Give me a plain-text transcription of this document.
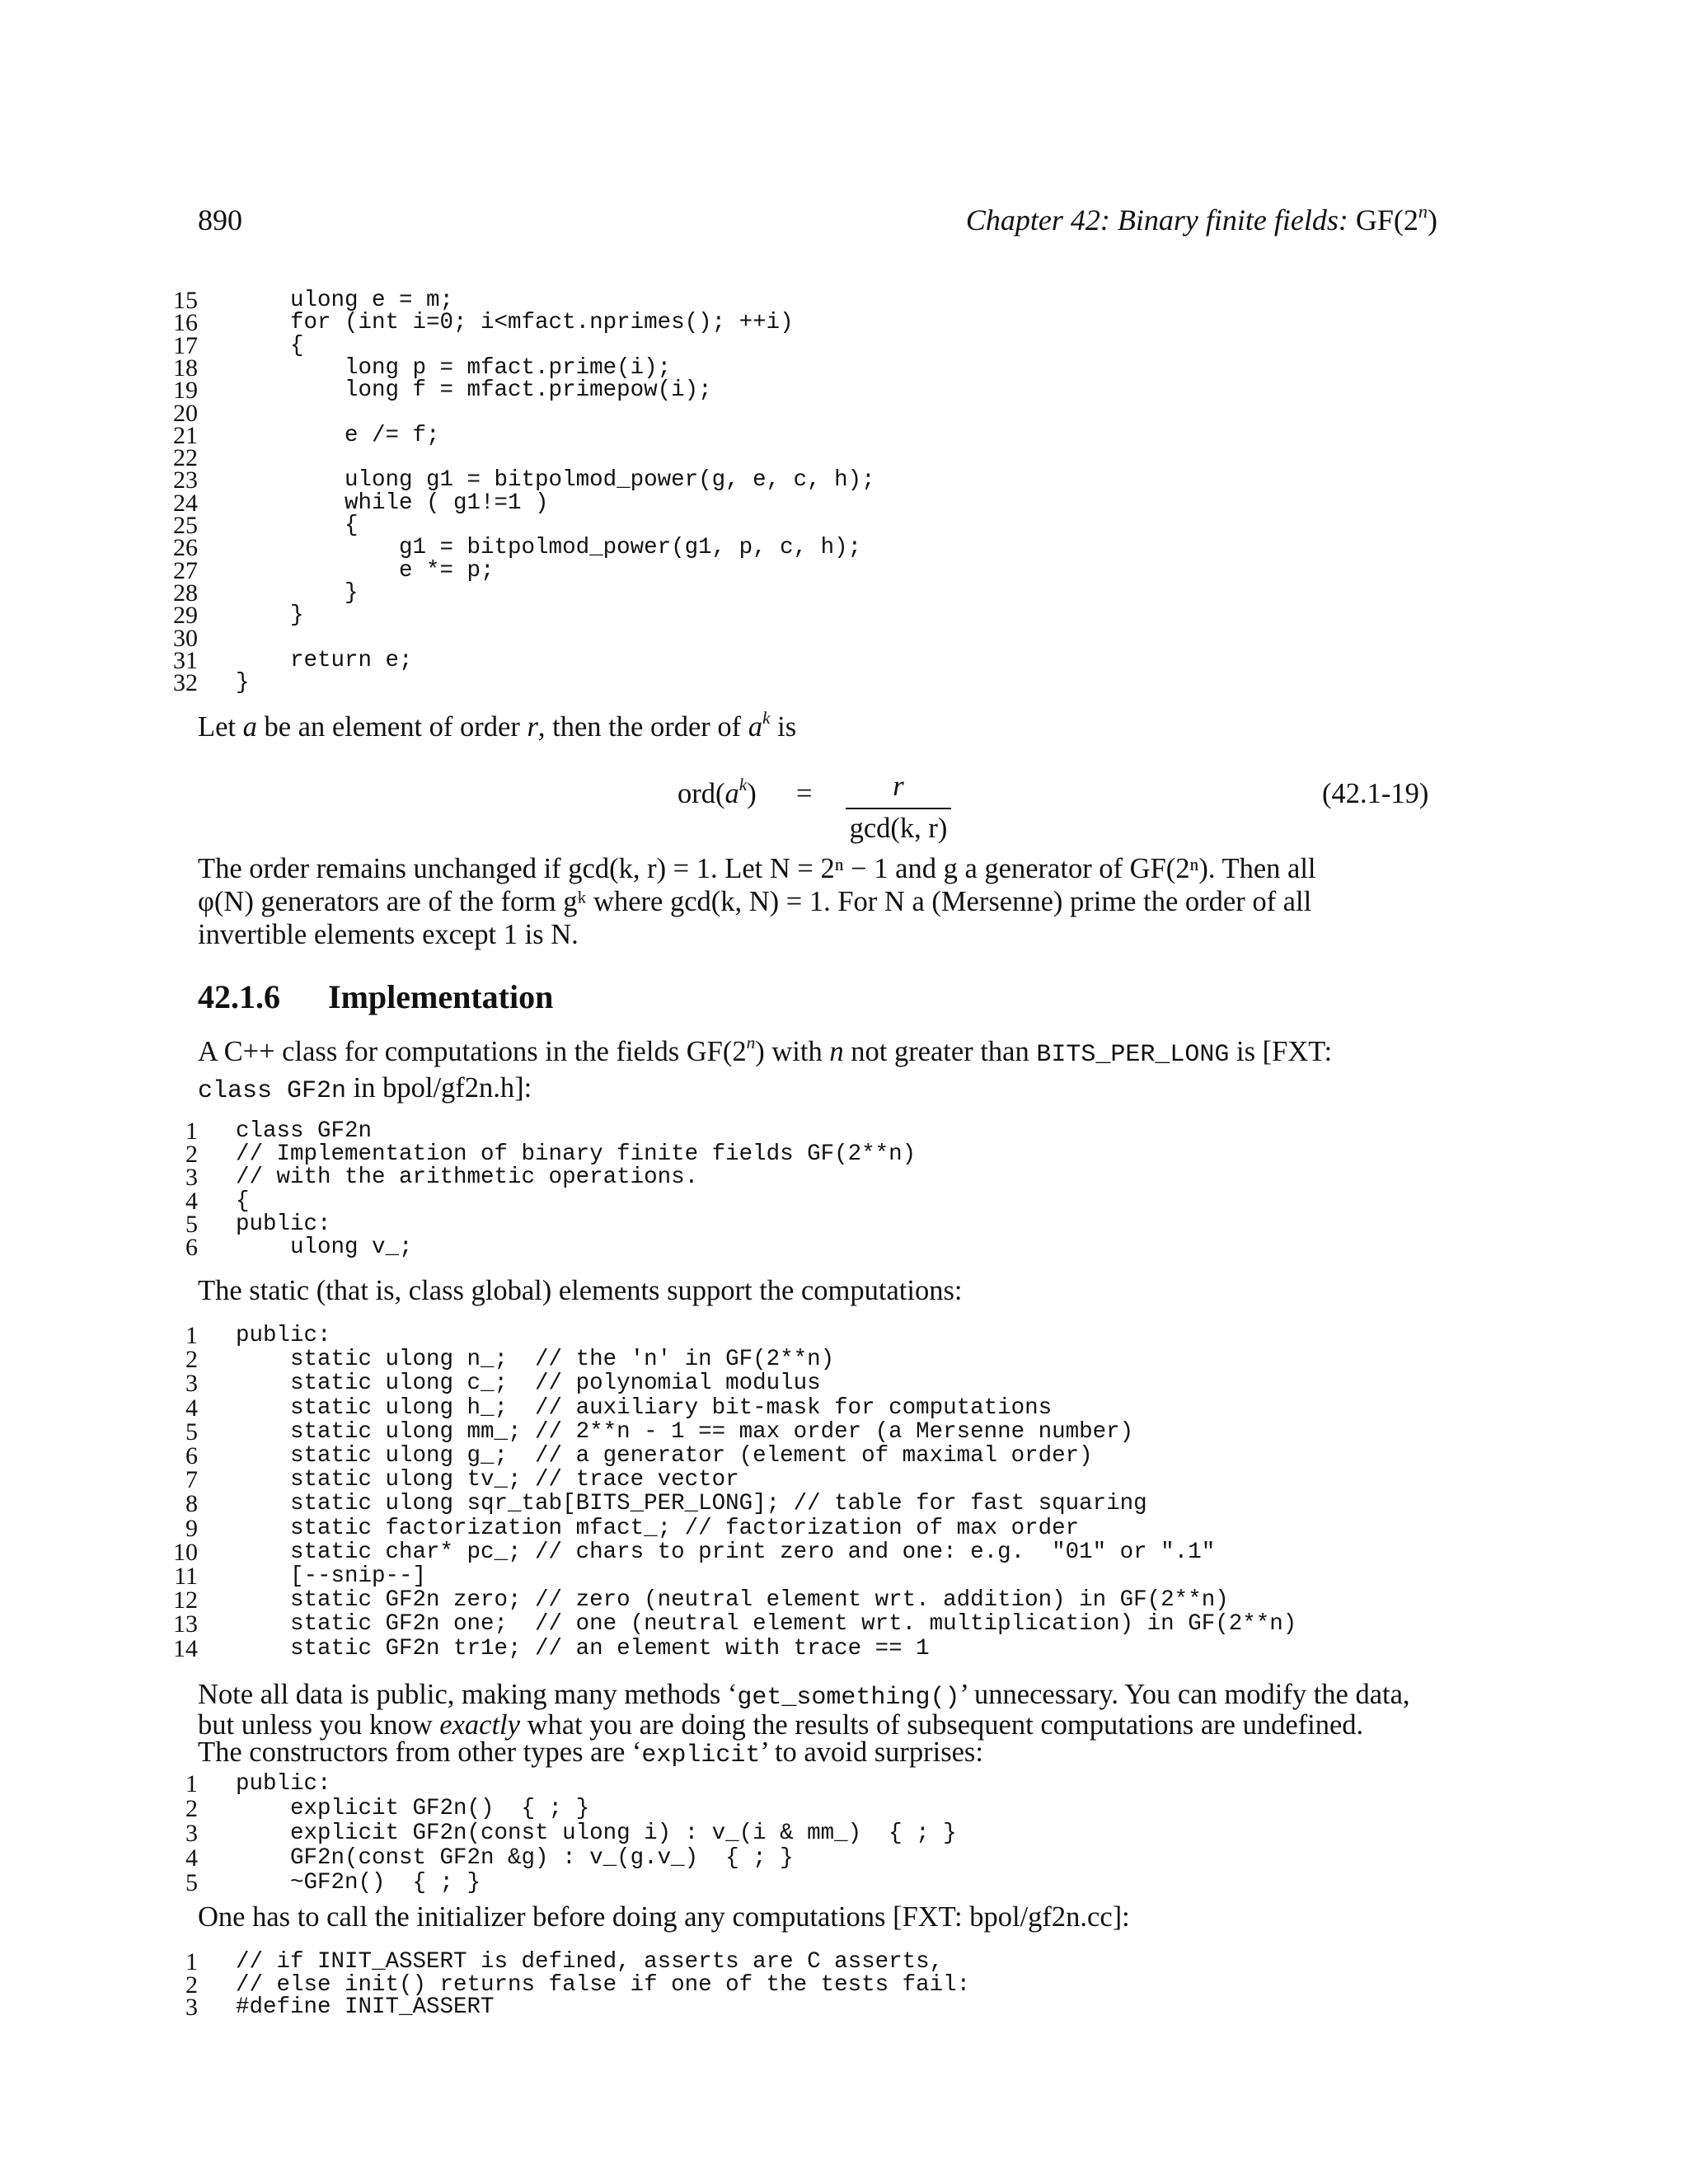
890	Chapter 42: Binary finite fields: GF(2$^n$)
15 ulong e = m;
16 for (int i=0; i<mfact.nprimes(); ++i)
17 {
18 long p = mfact.prime(i);
19 long f = mfact.primepow(i);
20
21 e /= f;
22
23 ulong g1 = bitpolmod_power(g, e, c, h);
24 while ( g1!=1 )
25 {
26 g1 = bitpolmod_power(g1, p, c, h);
27 e *= p;
28 }
29 }
30
31 return e;
32 }
Let a be an element of order r, then the order of $a^k$ is
$ord(a^k)$ =	r
gcd(k, r)
(42.1-19)
The order remains unchanged if gcd(k, r) = 1. Let N = 2ⁿ − 1 and g a generator of GF(2ⁿ). Then all
φ(N) generators are of the form gᵏ where gcd(k, N) = 1. For N a (Mersenne) prime the order of all
invertible elements except 1 is N.
42.1.6 Implementation
A C++ class for computations in the fields GF(2$^n$) with n not greater than BITS_PER_LONG is [FXT:
class GF2n in bpol/gf2n.h]:
1 class GF2n
2 // Implementation of binary finite fields GF(2**n)
3 // with the arithmetic operations.
4 {
5 public:
6 ulong v_;
The static (that is, class global) elements support the computations:
1 public:
2 static ulong n_;  // the 'n' in GF(2**n)
3 static ulong c_;  // polynomial modulus
4 static ulong h_;  // auxiliary bit-mask for computations
5 static ulong mm_; // 2**n - 1 == max order (a Mersenne number)
6 static ulong g_;  // a generator (element of maximal order)
7 static ulong tv_; // trace vector
8 static ulong sqr_tab[BITS_PER_LONG]; // table for fast squaring
9 static factorization mfact_; // factorization of max order
10 static char* pc_; // chars to print zero and one: e.g.  "01" or ".1"
11 [--snip--]
12 static GF2n zero; // zero (neutral element wrt. addition) in GF(2**n)
13 static GF2n one;  // one (neutral element wrt. multiplication) in GF(2**n)
14 static GF2n tr1e; // an element with trace == 1
Note all data is public, making many methods ‘get_something()’ unnecessary. You can modify the data,
but unless you know exactly what you are doing the results of subsequent computations are undefined.
The constructors from other types are ‘explicit’ to avoid surprises:
1 public:
2 explicit GF2n()  { ; }
3 explicit GF2n(const ulong i) : v_(i & mm_)  { ; }
4 GF2n(const GF2n &g) : v_(g.v_)  { ; }
5 ~GF2n()  { ; }
One has to call the initializer before doing any computations [FXT: bpol/gf2n.cc]:
1 // if INIT_ASSERT is defined, asserts are C asserts,
2 // else init() returns false if one of the tests fail:
3 #define INIT_ASSERT
